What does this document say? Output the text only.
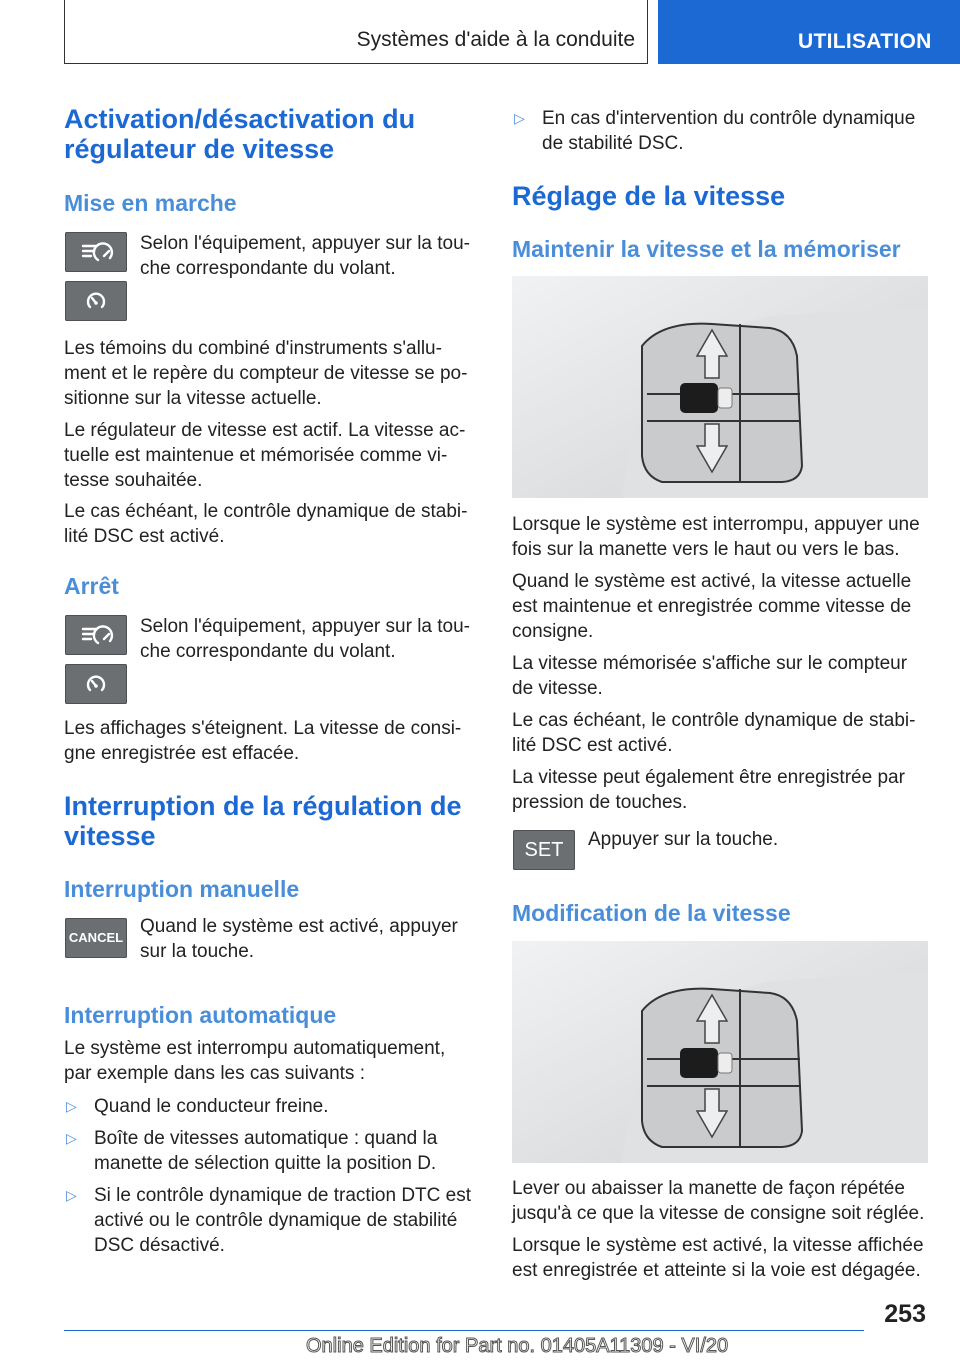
Systèmes d'aide à la conduite	UTILISATION
Activation/désactivation du
régulateur de vitesse
Mise en marche

Selon l'équipement, appuyer sur la tou-
che correspondante du volant.

Les témoins du combiné d'instruments s'allu-
ment et le repère du compteur de vitesse se po-
sitionne sur la vitesse actuelle.

Le régulateur de vitesse est actif. La vitesse ac-
tuelle est maintenue et mémorisée comme vi-
tesse souhaitée.

Le cas échéant, le contrôle dynamique de stabi-
lité DSC est activé.

Arrêt

Selon l'équipement, appuyer sur la tou-
che correspondante du volant.

Les affichages s'éteignent. La vitesse de consi-
gne enregistrée est effacée.

Interruption de la régulation de
vitesse
Interruption manuelle
CANCEL

Quand le système est activé, appuyer
sur la touche.

Interruption automatique

Le système est interrompu automatiquement,
par exemple dans les cas suivants :

▷ Quand le conducteur freine.
▷ Boîte de vitesses automatique : quand la
manette de sélection quitte la position D.
▷ Si le contrôle dynamique de traction DTC est
activé ou le contrôle dynamique de stabilité
DSC désactivé.
▷ En cas d'intervention du contrôle dynamique
de stabilité DSC.
Réglage de la vitesse
Maintenir la vitesse et la mémoriser

Lorsque le système est interrompu, appuyer une
fois sur la manette vers le haut ou vers le bas.

Quand le système est activé, la vitesse actuelle
est maintenue et enregistrée comme vitesse de
consigne.

La vitesse mémorisée s'affiche sur le compteur
de vitesse.

Le cas échéant, le contrôle dynamique de stabi-
lité DSC est activé.

La vitesse peut également être enregistrée par
pression de touches.

SET	Appuyer sur la touche.

Modification de la vitesse

Lever ou abaisser la manette de façon répétée
jusqu'à ce que la vitesse de consigne soit réglée.

Lorsque le système est activé, la vitesse affichée
est enregistrée et atteinte si la voie est dégagée.

253
Online Edition for Part no. 01405A11309 - VI/20
